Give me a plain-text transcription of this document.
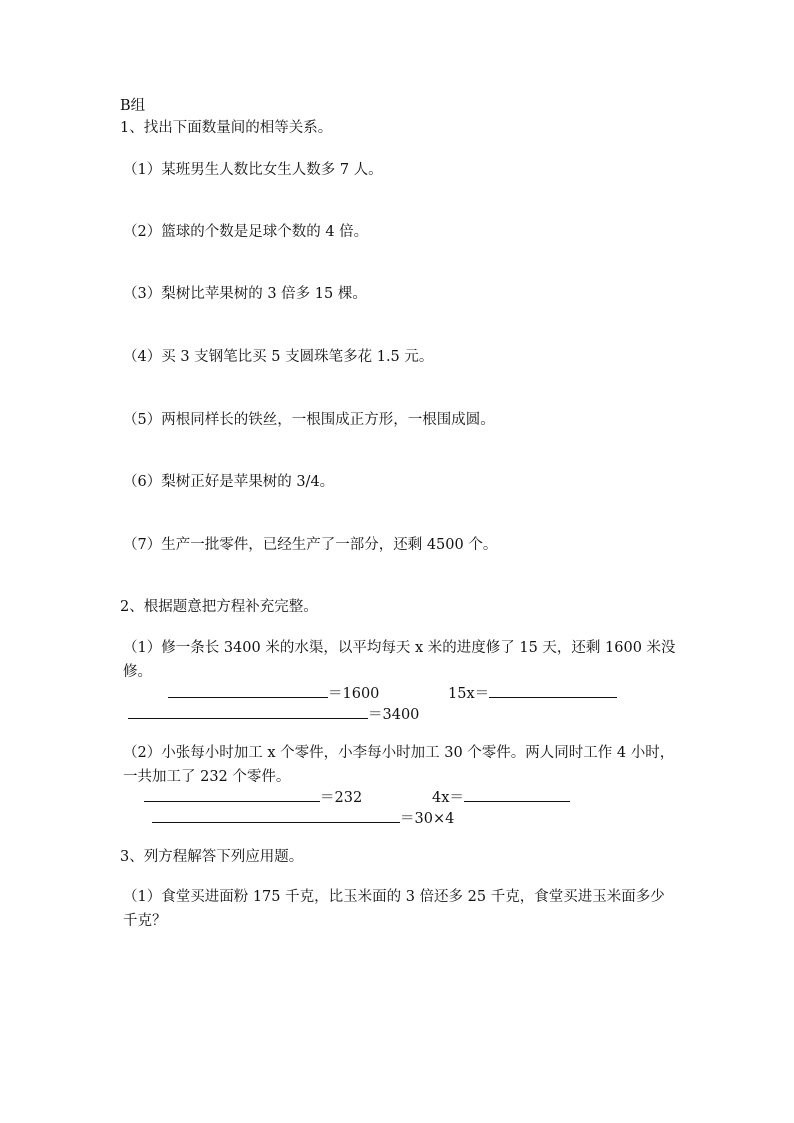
B组
1、找出下面数量间的相等关系。
（1）某班男生人数比女生人数多 7 人。
（2）篮球的个数是足球个数的 4 倍。
（3）梨树比苹果树的 3 倍多 15 棵。
（4）买 3 支钢笔比买 5 支圆珠笔多花 1.5 元。
（5）两根同样长的铁丝，一根围成正方形，一根围成圆。
（6）梨树正好是苹果树的 3/4。
（7）生产一批零件，已经生产了一部分，还剩 4500 个。
2、根据题意把方程补充完整。
（1）修一条长 3400 米的水渠，以平均每天 x 米的进度修了 15 天，还剩 1600 米没修。
＝1600	15x＝
＝3400
（2）小张每小时加工 x 个零件，小李每小时加工 30 个零件。两人同时工作 4 小时，一共加工了 232 个零件。
＝232	4x＝
＝30×4
3、列方程解答下列应用题。
（1）食堂买进面粉 175 千克，比玉米面的 3 倍还多 25 千克，食堂买进玉米面多少千克？
